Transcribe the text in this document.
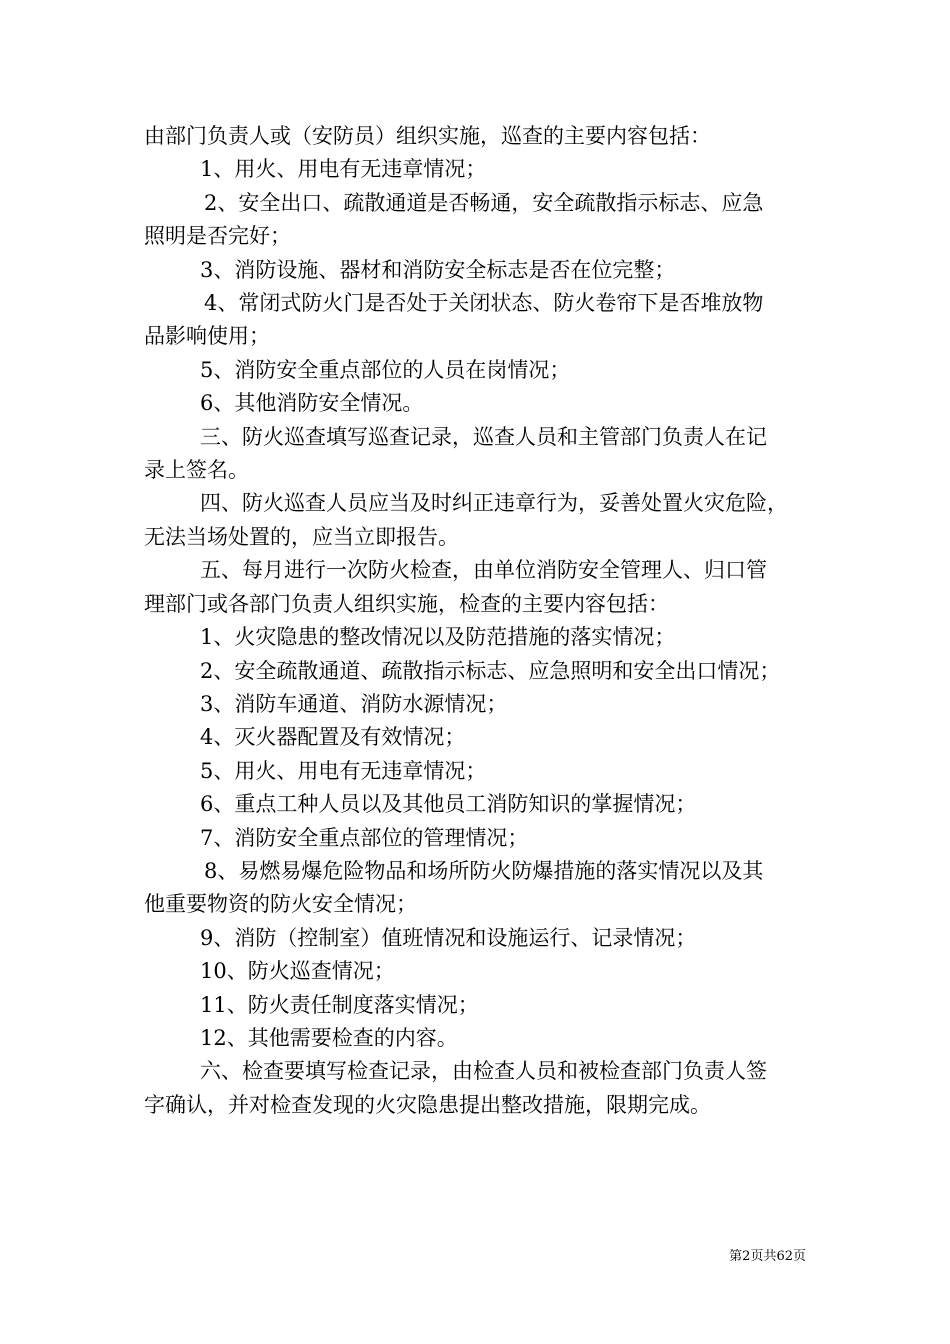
由部门负责人或（安防员）组织实施，巡查的主要内容包括：
1、用火、用电有无违章情况；
2、安全出口、疏散通道是否畅通，安全疏散指示标志、应急
照明是否完好；
3、消防设施、器材和消防安全标志是否在位完整；
4、常闭式防火门是否处于关闭状态、防火卷帘下是否堆放物
品影响使用；
5、消防安全重点部位的人员在岗情况；
6、其他消防安全情况。
三、防火巡查填写巡查记录，巡查人员和主管部门负责人在记
录上签名。
四、防火巡查人员应当及时纠正违章行为，妥善处置火灾危险，
无法当场处置的，应当立即报告。
五、每月进行一次防火检查，由单位消防安全管理人、归口管
理部门或各部门负责人组织实施，检查的主要内容包括：
1、火灾隐患的整改情况以及防范措施的落实情况；
2、安全疏散通道、疏散指示标志、应急照明和安全出口情况；
3、消防车通道、消防水源情况；
4、灭火器配置及有效情况；
5、用火、用电有无违章情况；
6、重点工种人员以及其他员工消防知识的掌握情况；
7、消防安全重点部位的管理情况；
8、易燃易爆危险物品和场所防火防爆措施的落实情况以及其
他重要物资的防火安全情况；
9、消防（控制室）值班情况和设施运行、记录情况；
10、防火巡查情况；
11、防火责任制度落实情况；
12、其他需要检查的内容。
六、检查要填写检查记录，由检查人员和被检查部门负责人签
字确认，并对检查发现的火灾隐患提出整改措施，限期完成。
第2页共62页
